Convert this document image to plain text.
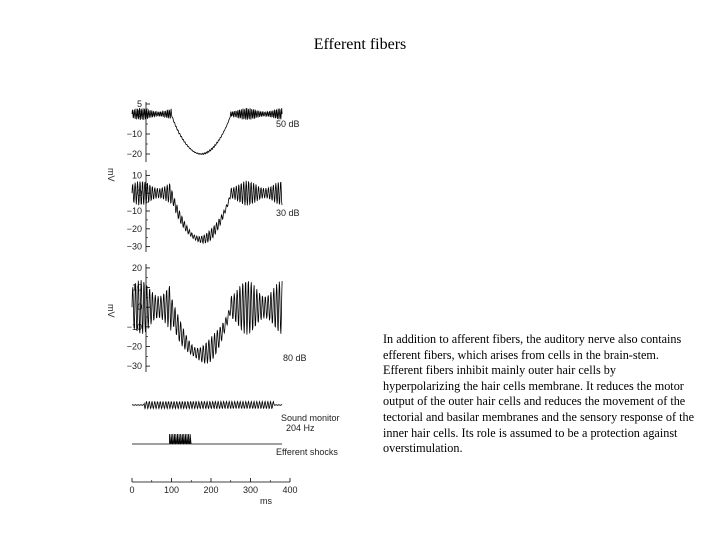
Efferent fibers
5
0
−10
−20
10
0
−10
−20
−30
20
10
0
−10
−20
−30
50 dB
30 dB
80 dB
mV
mV
Sound monitor
204 Hz
Efferent shocks
0	100	200	300	400
ms
In addition to afferent fibers, the auditory nerve also contains efferent fibers, which arises from cells in the brain-stem. Efferent fibers inhibit mainly outer hair cells by hyperpolarizing the hair cells membrane. It reduces the motor output of the outer hair cells and reduces the movement of the tectorial and basilar membranes and the sensory response of the inner hair cells. Its role is assumed to be a protection against overstimulation.
